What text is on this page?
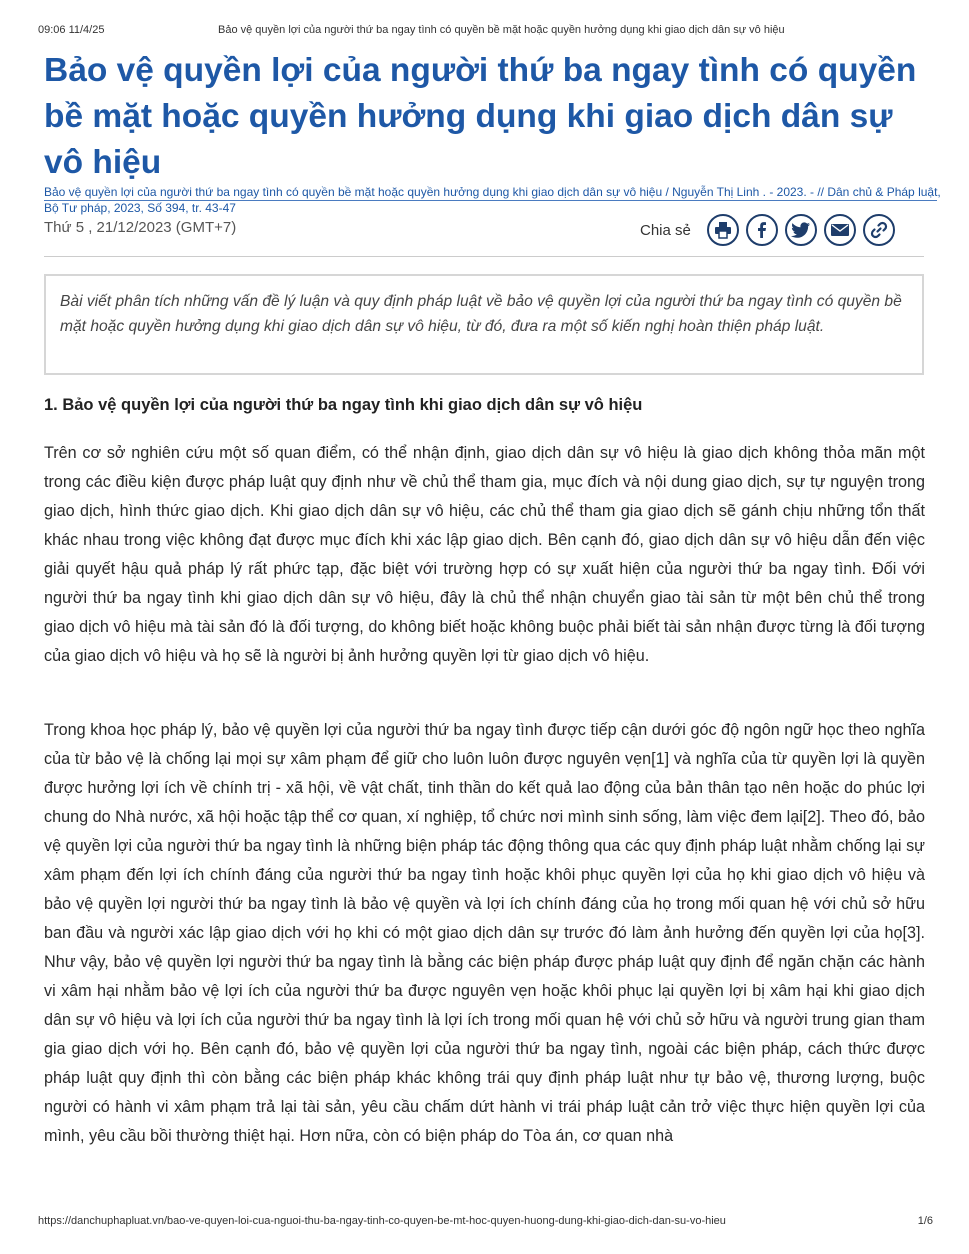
09:06 11/4/25	Bảo vệ quyền lợi của người thứ ba ngay tình có quyền bề mặt hoặc quyền hưởng dụng khi giao dịch dân sự vô hiệu
Bảo vệ quyền lợi của người thứ ba ngay tình có quyền bề mặt hoặc quyền hưởng dụng khi giao dịch dân sự vô hiệu
Bảo vệ quyền lợi của người thứ ba ngay tình có quyền bề mặt hoặc quyền hưởng dụng khi giao dịch dân sự vô hiệu / Nguyễn Thị Linh . - 2023. - // Dân chủ & Pháp luật, Bộ Tư pháp, 2023, Số 394, tr. 43-47
Thứ 5 , 21/12/2023 (GMT+7)	Chia sẻ
Bài viết phân tích những vấn đề lý luận và quy định pháp luật về bảo vệ quyền lợi của người thứ ba ngay tình có quyền bề mặt hoặc quyền hưởng dụng khi giao dịch dân sự vô hiệu, từ đó, đưa ra một số kiến nghị hoàn thiện pháp luật.
1. Bảo vệ quyền lợi của người thứ ba ngay tình khi giao dịch dân sự vô hiệu

Trên cơ sở nghiên cứu một số quan điểm, có thể nhận định, giao dịch dân sự vô hiệu là giao dịch không thỏa mãn một trong các điều kiện được pháp luật quy định như về chủ thể tham gia, mục đích và nội dung giao dịch, sự tự nguyện trong giao dịch, hình thức giao dịch. Khi giao dịch dân sự vô hiệu, các chủ thể tham gia giao dịch sẽ gánh chịu những tổn thất khác nhau trong việc không đạt được mục đích khi xác lập giao dịch. Bên cạnh đó, giao dịch dân sự vô hiệu dẫn đến việc giải quyết hậu quả pháp lý rất phức tạp, đặc biệt với trường hợp có sự xuất hiện của người thứ ba ngay tình. Đối với người thứ ba ngay tình khi giao dịch dân sự vô hiệu, đây là chủ thể nhận chuyển giao tài sản từ một bên chủ thể trong giao dịch vô hiệu mà tài sản đó là đối tượng, do không biết hoặc không buộc phải biết tài sản nhận được từng là đối tượng của giao dịch vô hiệu và họ sẽ là người bị ảnh hưởng quyền lợi từ giao dịch vô hiệu.

Trong khoa học pháp lý, bảo vệ quyền lợi của người thứ ba ngay tình được tiếp cận dưới góc độ ngôn ngữ học theo nghĩa của từ bảo vệ là chống lại mọi sự xâm phạm để giữ cho luôn luôn được nguyên vẹn[1] và nghĩa của từ quyền lợi là quyền được hưởng lợi ích về chính trị - xã hội, về vật chất, tinh thần do kết quả lao động của bản thân tạo nên hoặc do phúc lợi chung do Nhà nước, xã hội hoặc tập thể cơ quan, xí nghiệp, tổ chức nơi mình sinh sống, làm việc đem lại[2]. Theo đó, bảo vệ quyền lợi của người thứ ba ngay tình là những biện pháp tác động thông qua các quy định pháp luật nhằm chống lại sự xâm phạm đến lợi ích chính đáng của người thứ ba ngay tình hoặc khôi phục quyền lợi của họ khi giao dịch vô hiệu và bảo vệ quyền lợi người thứ ba ngay tình là bảo vệ quyền và lợi ích chính đáng của họ trong mối quan hệ với chủ sở hữu ban đầu và người xác lập giao dịch với họ khi có một giao dịch dân sự trước đó làm ảnh hưởng đến quyền lợi của họ[3]. Như vậy, bảo vệ quyền lợi người thứ ba ngay tình là bằng các biện pháp được pháp luật quy định để ngăn chặn các hành vi xâm hại nhằm bảo vệ lợi ích của người thứ ba được nguyên vẹn hoặc khôi phục lại quyền lợi bị xâm hại khi giao dịch dân sự vô hiệu và lợi ích của người thứ ba ngay tình là lợi ích trong mối quan hệ với chủ sở hữu và người trung gian tham gia giao dịch với họ. Bên cạnh đó, bảo vệ quyền lợi của người thứ ba ngay tình, ngoài các biện pháp, cách thức được pháp luật quy định thì còn bằng các biện pháp khác không trái quy định pháp luật như tự bảo vệ, thương lượng, buộc người có hành vi xâm phạm trả lại tài sản, yêu cầu chấm dứt hành vi trái pháp luật cản trở việc thực hiện quyền lợi của mình, yêu cầu bồi thường thiệt hại. Hơn nữa, còn có biện pháp do Tòa án, cơ quan nhà

https://danchuphapluat.vn/bao-ve-quyen-loi-cua-nguoi-thu-ba-ngay-tinh-co-quyen-be-mt-hoc-quyen-huong-dung-khi-giao-dich-dan-su-vo-hieu	1/6
